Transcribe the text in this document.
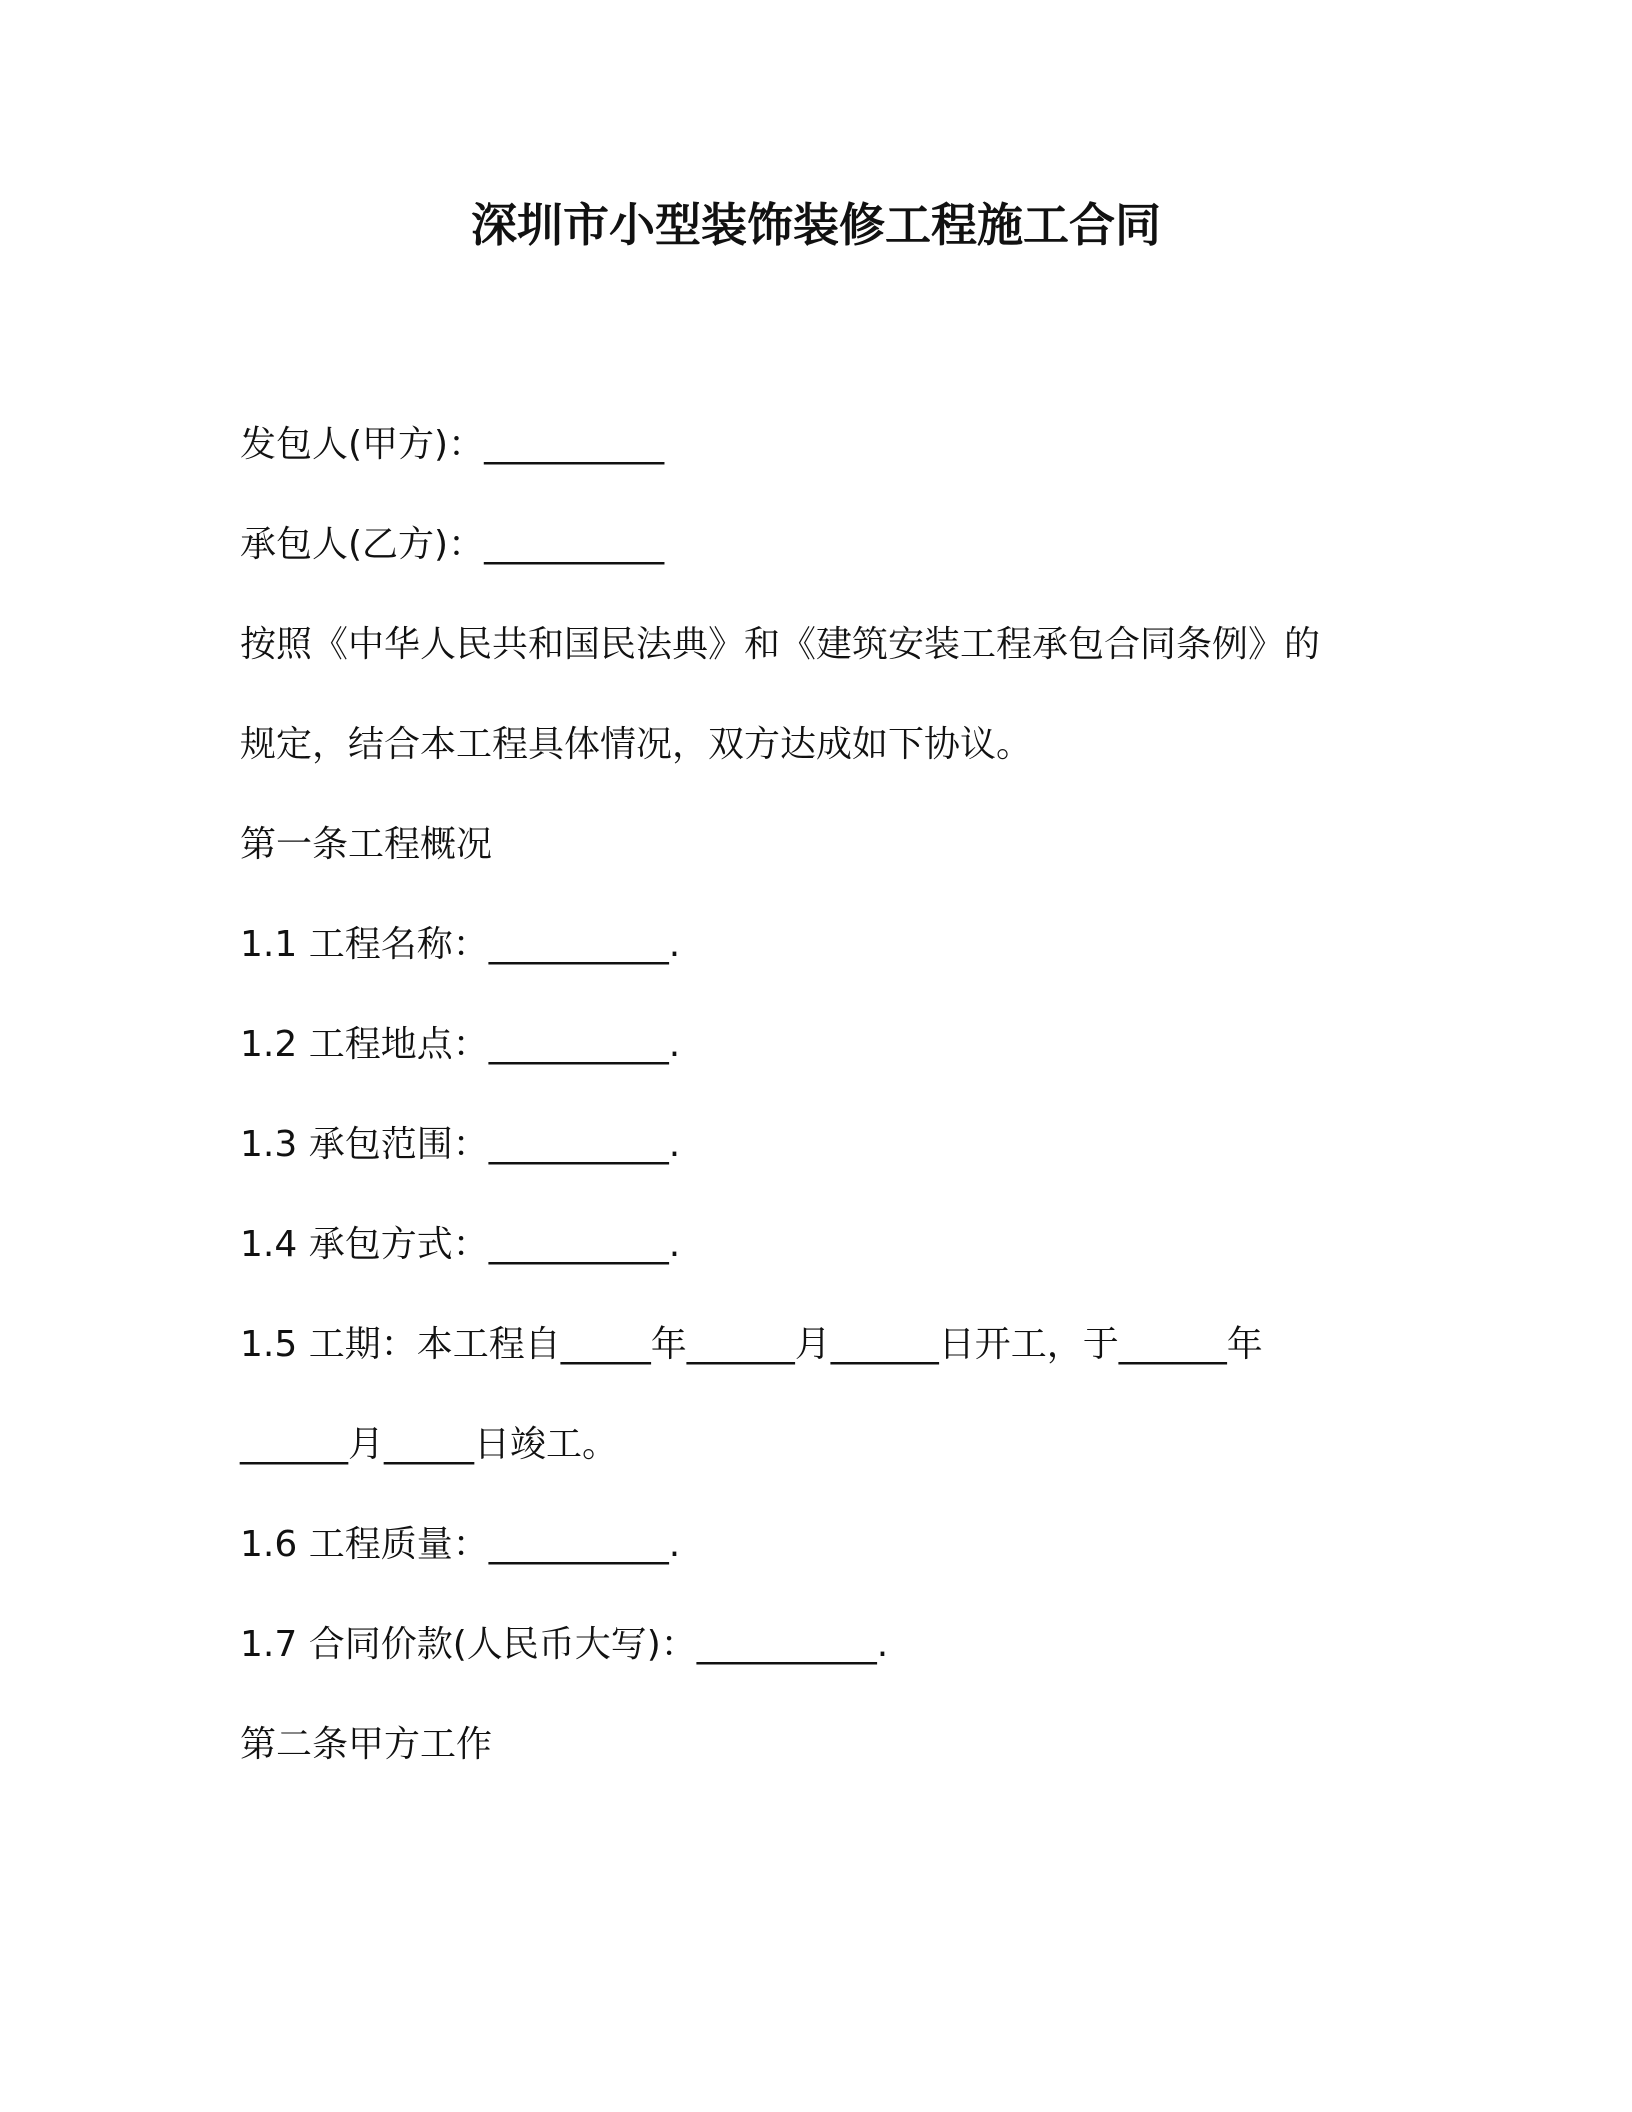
深圳市小型装饰装修工程施工合同
发包人(甲方)：__________
承包人(乙方)：__________
按照《中华人民共和国民法典》和《建筑安装工程承包合同条例》的
规定，结合本工程具体情况，双方达成如下协议。
第一条工程概况
1.1 工程名称：__________.
1.2 工程地点：__________.
1.3 承包范围：__________.
1.4 承包方式：__________.
1.5 工期：本工程自_____年______月______日开工，于______年
______月_____日竣工。
1.6 工程质量：__________.
1.7 合同价款(人民币大写)：__________.
第二条甲方工作
